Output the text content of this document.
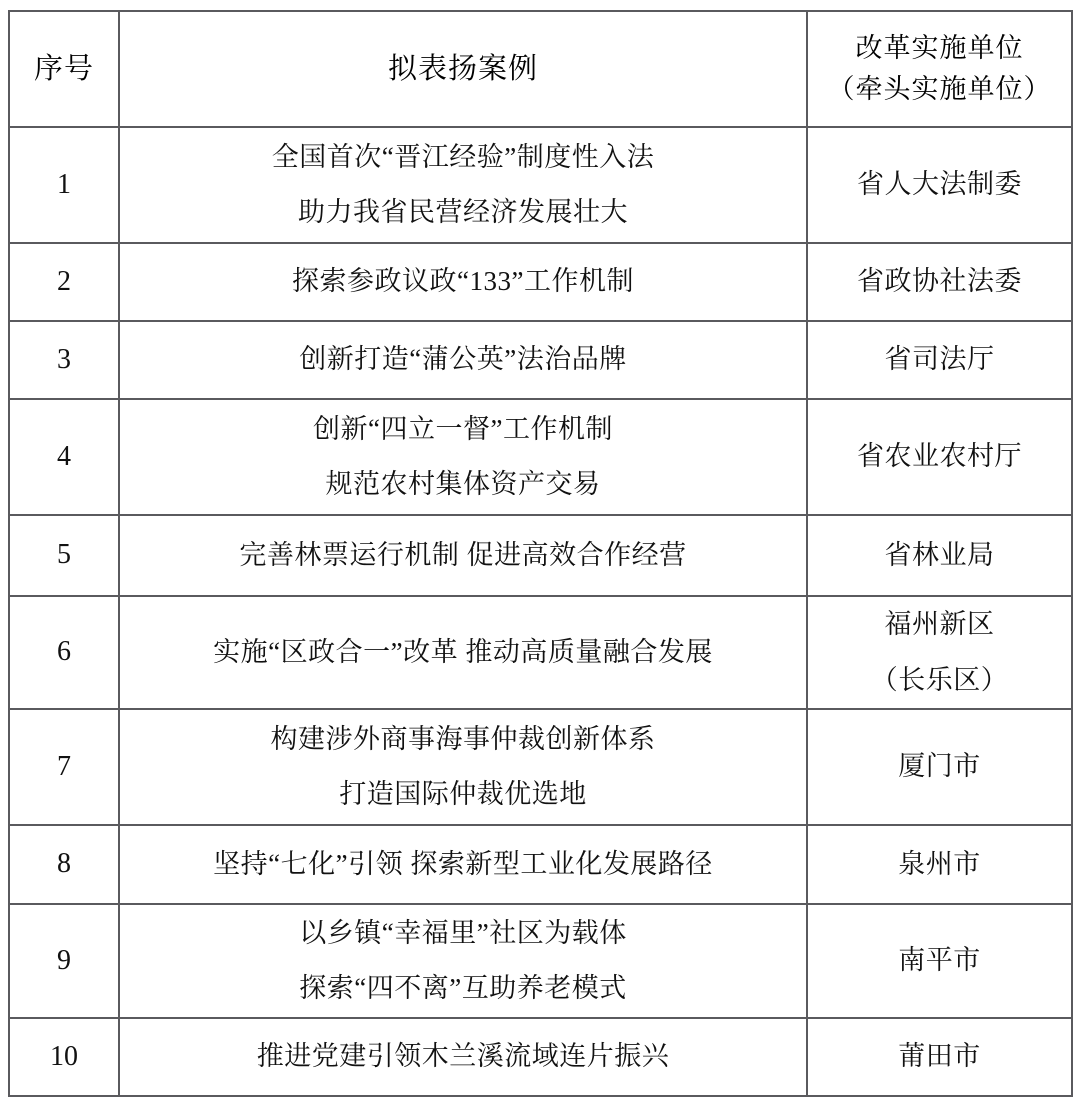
序号	拟表扬案例	改革实施单位
（牵头实施单位）

1	全国首次“晋江经验”制度性入法
助力我省民营经济发展壮大	省人大法制委

2	探索参政议政“133”工作机制	省政协社法委

3	创新打造“蒲公英”法治品牌	省司法厅

4	创新“四立一督”工作机制
规范农村集体资产交易	省农业农村厅

5	完善林票运行机制 促进高效合作经营	省林业局

6	实施“区政合一”改革 推动高质量融合发展	福州新区
（长乐区）

7	构建涉外商事海事仲裁创新体系
打造国际仲裁优选地	厦门市

8	坚持“七化”引领 探索新型工业化发展路径	泉州市

9	以乡镇“幸福里”社区为载体
探索“四不离”互助养老模式	南平市

10	推进党建引领木兰溪流域连片振兴	莆田市
